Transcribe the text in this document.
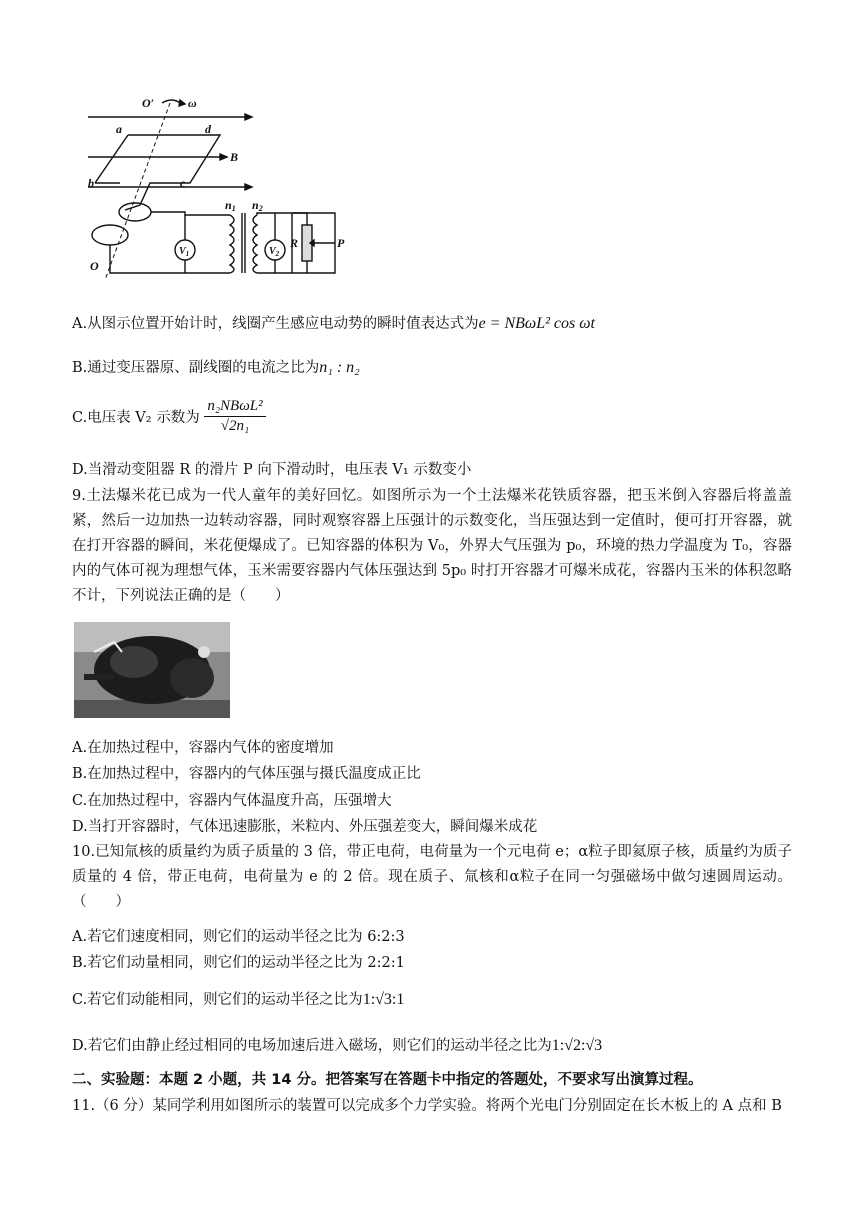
O′	ω
a	d
B
b	c
O
n1 n2
$V_1$	$V_2$
R	P
A.从图示位置开始计时，线圈产生感应电动势的瞬时值表达式为e = NBωL² cos ωt
B.通过变压器原、副线圈的电流之比为n₁ : n₂
C.电压表 V₂ 示数为 $\frac{\text{n₂NBωL²}}{\text{√2n₁}}$
D.当滑动变阻器 R 的滑片 P 向下滑动时，电压表 V₁ 示数变小
9.土法爆米花已成为一代人童年的美好回忆。如图所示为一个土法爆米花铁质容器，把玉米倒入容器后将盖盖紧，然后一边加热一边转动容器，同时观察容器上压强计的示数变化，当压强达到一定值时，便可打开容器，就在打开容器的瞬间，米花便爆成了。已知容器的体积为 V₀，外界大气压强为 p₀，环境的热力学温度为 T₀，容器内的气体可视为理想气体，玉米需要容器内气体压强达到 5p₀ 时打开容器才可爆米成花，容器内玉米的体积忽略不计，下列说法正确的是（　　）
A.在加热过程中，容器内气体的密度增加
B.在加热过程中，容器内的气体压强与摄氏温度成正比
C.在加热过程中，容器内气体温度升高，压强增大
D.当打开容器时，气体迅速膨胀，米粒内、外压强差变大，瞬间爆米成花
10.已知氚核的质量约为质子质量的 3 倍，带正电荷，电荷量为一个元电荷 e；α粒子即氦原子核，质量约为质子质量的 4 倍，带正电荷，电荷量为 e 的 2 倍。现在质子、氚核和α粒子在同一匀强磁场中做匀速圆周运动。（　　）
A.若它们速度相同，则它们的运动半径之比为 6:2:3
B.若它们动量相同，则它们的运动半径之比为 2:2:1
C.若它们动能相同，则它们的运动半径之比为1:√3:1
D.若它们由静止经过相同的电场加速后进入磁场，则它们的运动半径之比为1:√2:√3
二、实验题：本题 2 小题，共 14 分。把答案写在答题卡中指定的答题处，不要求写出演算过程。
11.（6 分）某同学利用如图所示的装置可以完成多个力学实验。将两个光电门分别固定在长木板上的 A 点和 B
